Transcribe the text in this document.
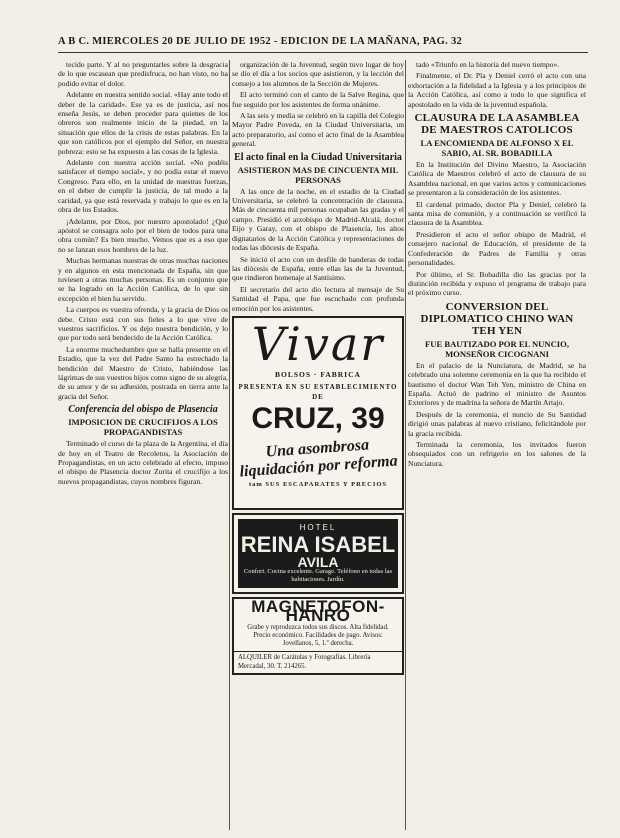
A B C. MIERCOLES 20 DE JULIO DE 1952 - EDICION DE LA MAÑANA, PAG. 32

tecido parte. Y al no preguntarles sobre la desgracia de lo que escasean que predisfruca, no han visto, no ha podido evitar el dolor.

Adelante en nuestra sentido social. «Hay ante todo el deber de la caridad». Ese ya es de justicia, así nos enseña Jesús, se deben proceder para quienes de los obreros son realmente inicio de la piedad, en la situación que ellos de la crisis de estas palabras. En la que son católicos por el ejemplo del Señor, en nuestra pobreza: esto se ha expuesto a las cosas de la Iglesia.

Adelante con nuestra acción social. «No podéis satisfacer el tiempo social», y no podía estar el nuevo Congreso. Para ello, en la unidad de nuestras fuerzas, en el deber de cumplir la justicia, de tal modo a la caridad, ya que está reservada y trabajo lo que es en la obra de los Estados.

¡Adelante, por Dios, por nuestro apostolado! ¿Qué apóstol se consagra solo por el bien de todos para una obra común? Es bien mucho. Vemos que es a eso que no se lanzan esos hombres de la luz.

Muchas hermanas nuestras de otras muchas naciones y en algunos en esta mencionada de España, sin que tuviesen a otras muchas personas. Es un conjunto que se ha logrado en la Acción Católica, de lo que sin excepción el bien ha servido.

La cuerpos es vuestra ofrenda, y la gracia de Dios os debe. Cristo está con sus fieles a lo que vive de vuestros sacrificios. Y os dejo nuestra bendición, y lo que por todo será bendecido de la Acción Católica.

La enorme muchedumbre que se halla presente en el Estadio, que la vez del Padre Santo ha estrechado la bendición del Maestro de Cristo, habiéndose las lágrimas de sus vuestros hijos como signo de su alegría, de su amor y de su adhesión, postrada en tierra ante la gracia del Señor.

Conferencia del obispo de Plasencia
IMPOSICION DE CRUCIFIJOS A LOS PROPAGANDISTAS

Terminado el curso de la plaza de la Argentina, el día de hoy en el Teatro de Recoletos, la Asociación de Propagandistas, en un acto celebrado al efecto, impuso el obispo de Plasencia doctor Zurita el crucifijo a los nuevos propagandistas, cuyos nombres figuran.

organización de la Juventud, según tuvo lugar de hoy se dio el día a los socios que asistieron, y la lección del consejo a los alumnos de la Sección de Mujeres.

El acto terminó con el canto de la Salve Regina, que fue seguido por los asistentes de forma unánime.

A las seis y media se celebró en la capilla del Colegio Mayor Padre Poveda, en la Ciudad Universitaria, un acto preparatorio, así como el acto final de la Asamblea general.

El acto final en la Ciudad Universitaria
ASISTIERON MAS DE CINCUENTA MIL PERSONAS

A las once de la noche, en el estadio de la Ciudad Universitaria, se celebró la concentración de clausura. Más de cincuenta mil personas ocupaban las gradas y el campo. Presidió el arzobispo de Madrid-Alcalá, doctor Eijo y Garay, con el obispo de Plasencia, los altos dignatarios de la Acción Católica y representaciones de todas las diócesis de España.

Se inició el acto con un desfile de banderas de todas las diócesis de España, entre ellas las de la Juventud, que rindieron homenaje al Santísimo.

El secretario del acto dio lectura al mensaje de Su Santidad el Papa, que fue escuchado con profunda emoción por los asistentes.

Vivar
BOLSOS · FABRICA
PRESENTA EN SU ESTABLECIMIENTO DE
CRUZ, 39
Una asombrosa liquidación por reforma
tam SUS ESCAPARATES Y PRECIOS
HOTEL
REINA ISABEL
AVILA
Confort. Cocina excelente. Garage. Teléfono en todas las habitaciones. Jardín.
MAGNETOFON-HANRO
Grabe y reproduzca todos sus discos. Alta fidelidad. Precio económico. Facilidades de pago. Avisos: Jovellanos, 5, 1.º derecha.
ALQUILER de Carátulas y Fotografías. Librería Mercadal, 30. T. 214265.

tado «Triunfo en la historia del nuevo tiempo».

Finalmente, el Dr. Pla y Deniel cerró el acto con una exhortación a la fidelidad a la Iglesia y a los principios de la Acción Católica, así como a todo lo que significa el apostolado en la vida de la juventud española.

CLAUSURA DE LA ASAMBLEA DE MAESTROS CATOLICOS
LA ENCOMIENDA DE ALFONSO X EL SABIO, AL SR. BOBADILLA

En la Institución del Divino Maestro, la Asociación Católica de Maestros celebró el acto de clausura de su Asamblea nacional, en que varios actos y comunicaciones se presentaron a la consideración de los asistentes.

El cardenal primado, doctor Pla y Deniel, celebró la santa misa de comunión, y a continuación se verificó la clausura de la Asamblea.

Presidieron el acto el señor obispo de Madrid, el consejero nacional de Educación, el presidente de la Confederación de Padres de Familia y otras personalidades.

Por último, el Sr. Bobadilla dio las gracias por la distinción recibida y expuso el programa de trabajo para el próximo curso.

CONVERSION DEL DIPLOMATICO CHINO WAN TEH YEN
FUE BAUTIZADO POR EL NUNCIO, MONSEÑOR CICOGNANI

En el palacio de la Nunciatura, de Madrid, se ha celebrado una solemne ceremonia en la que ha recibido el bautismo el doctor Wan Teh Yen, ministro de China en España. Actuó de padrino el ministro de Asuntos Exteriores y de madrina la señora de Martín Artajo.

Después de la ceremonia, el nuncio de Su Santidad dirigió unas palabras al nuevo cristiano, felicitándole por la gracia recibida.

Terminada la ceremonia, los invitados fueron obsequiados con un refrigerio en los salones de la Nunciatura.
